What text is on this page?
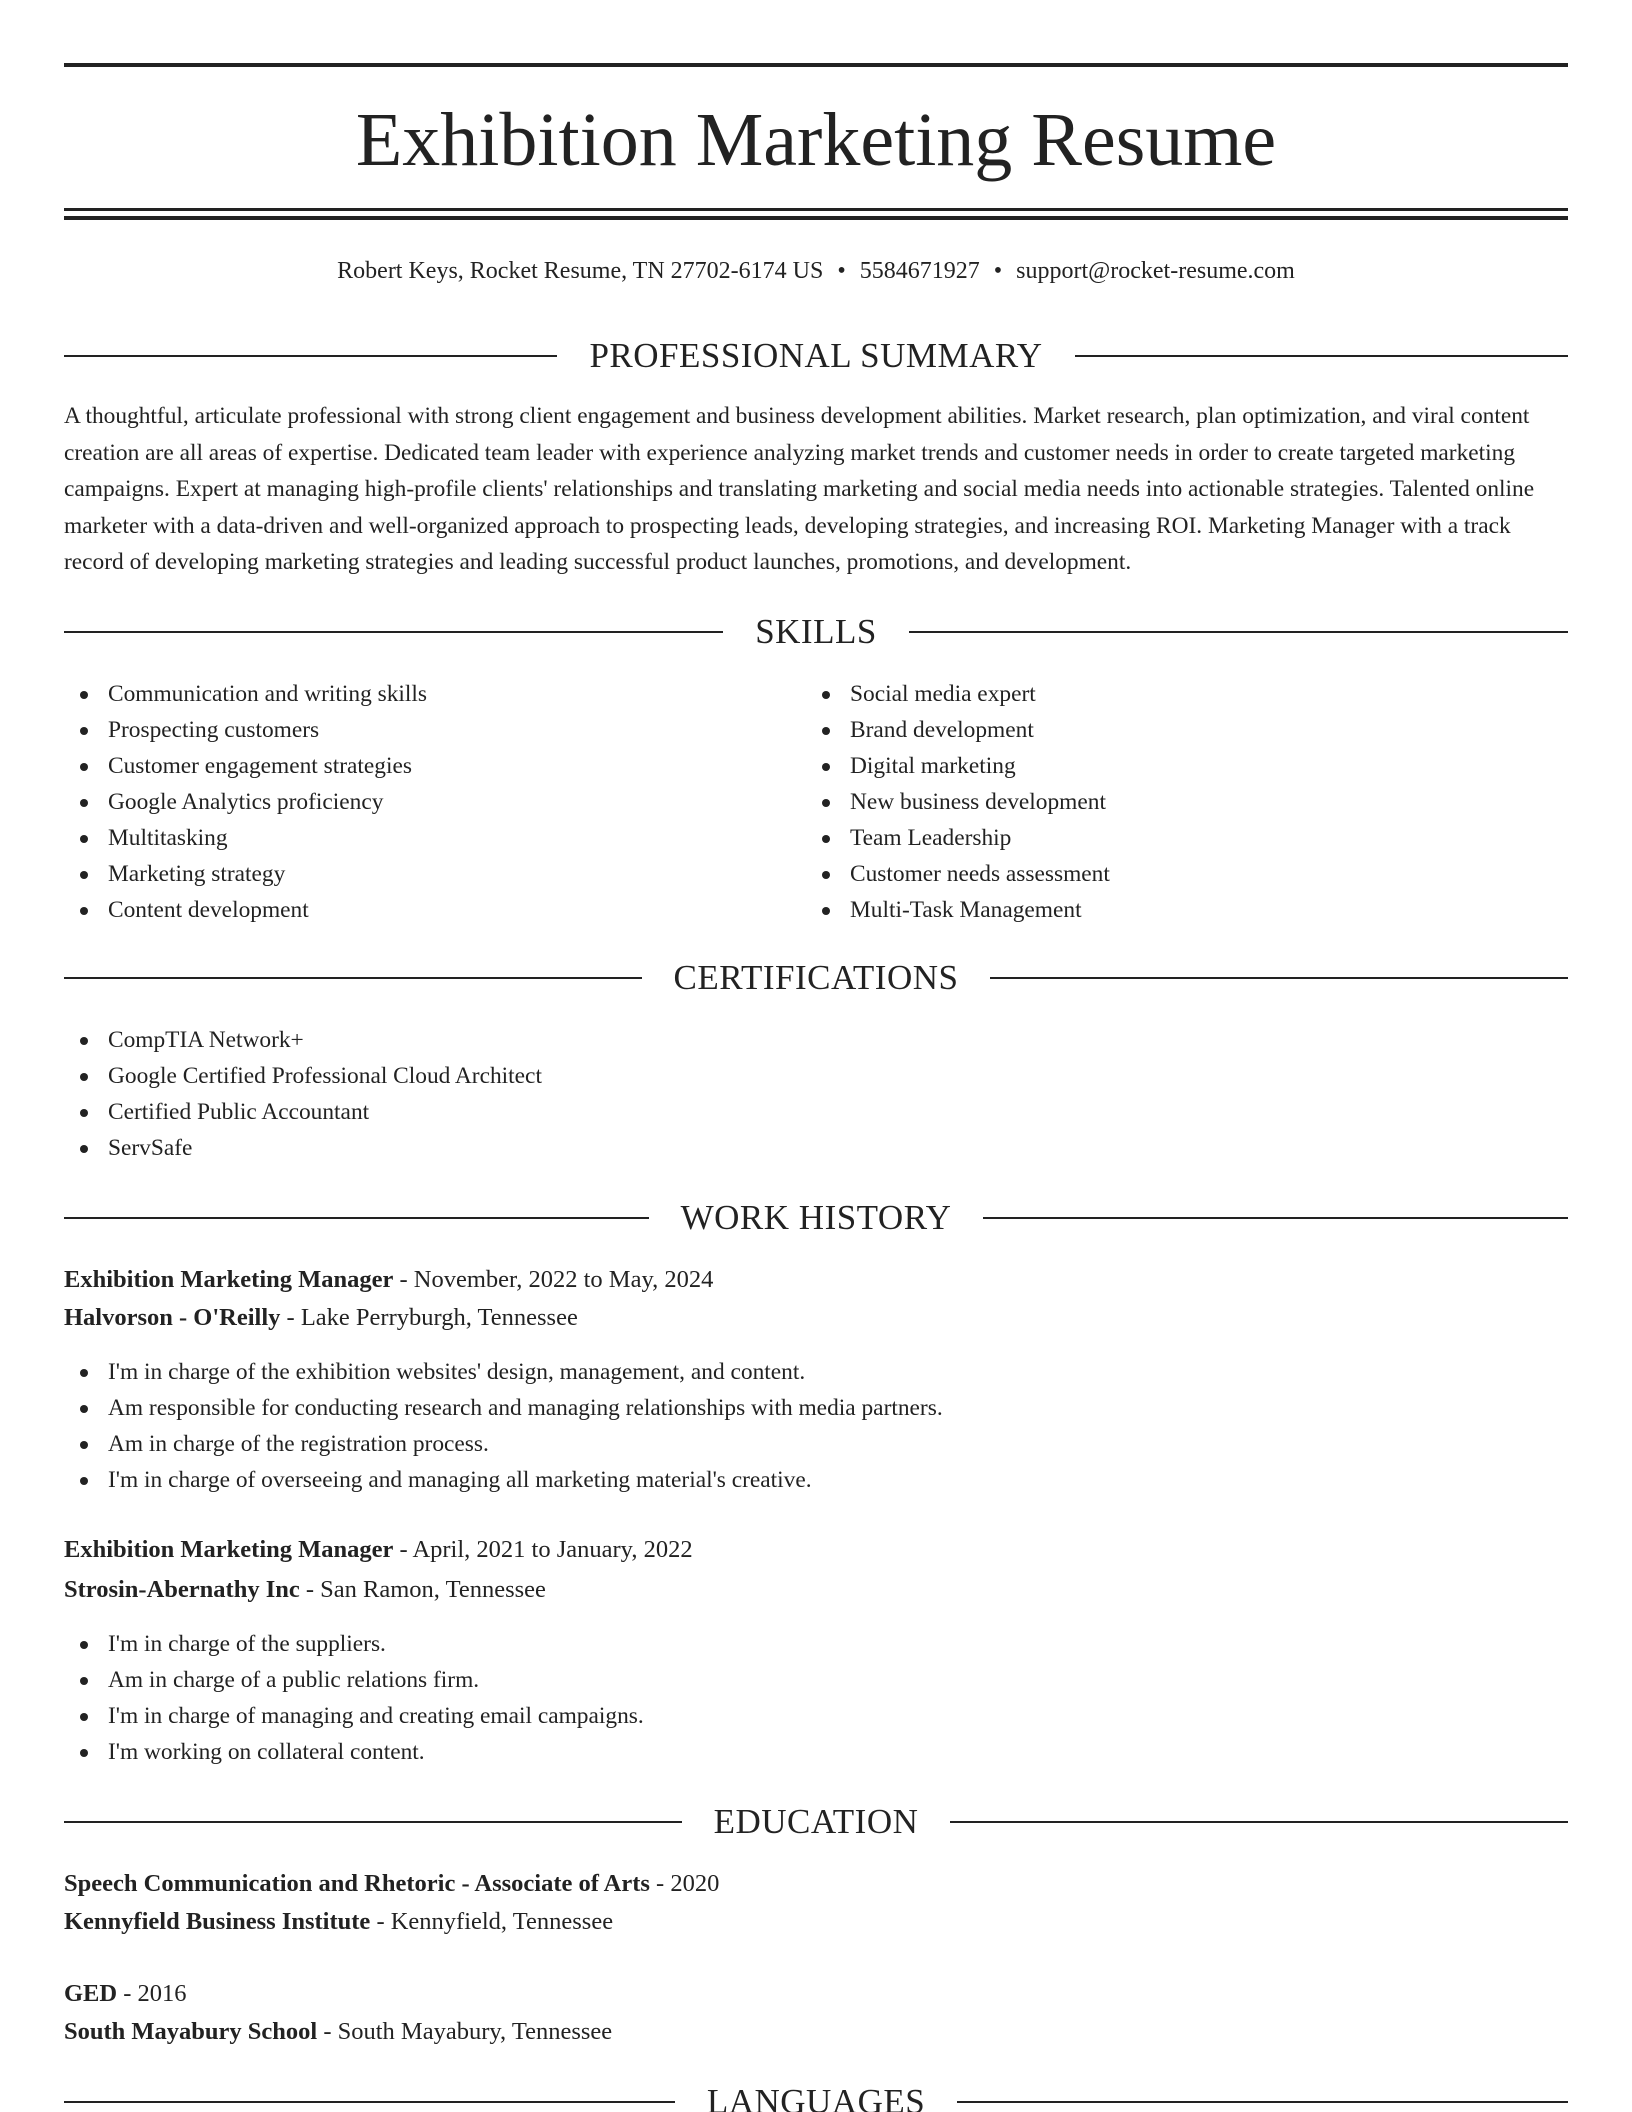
Exhibition Marketing Resume
Robert Keys, Rocket Resume, TN 27702-6174 US • 5584671927 • support@rocket-resume.com
PROFESSIONAL SUMMARY

A thoughtful, articulate professional with strong client engagement and business development abilities. Market research, plan optimization, and viral content creation are all areas of expertise. Dedicated team leader with experience analyzing market trends and customer needs in order to create targeted marketing campaigns. Expert at managing high-profile clients' relationships and translating marketing and social media needs into actionable strategies. Talented online marketer with a data-driven and well-organized approach to prospecting leads, developing strategies, and increasing ROI. Marketing Manager with a track record of developing marketing strategies and leading successful product launches, promotions, and development.

SKILLS
Communication and writing skills
Prospecting customers
Customer engagement strategies
Google Analytics proficiency
Multitasking
Marketing strategy
Content development
Social media expert
Brand development
Digital marketing
New business development
Team Leadership
Customer needs assessment
Multi-Task Management
CERTIFICATIONS
CompTIA Network+
Google Certified Professional Cloud Architect
Certified Public Accountant
ServSafe
WORK HISTORY
Exhibition Marketing Manager - November, 2022 to May, 2024
Halvorson - O'Reilly - Lake Perryburgh, Tennessee
I'm in charge of the exhibition websites' design, management, and content.
Am responsible for conducting research and managing relationships with media partners.
Am in charge of the registration process.
I'm in charge of overseeing and managing all marketing material's creative.
Exhibition Marketing Manager - April, 2021 to January, 2022
Strosin-Abernathy Inc - San Ramon, Tennessee
I'm in charge of the suppliers.
Am in charge of a public relations firm.
I'm in charge of managing and creating email campaigns.
I'm working on collateral content.
EDUCATION
Speech Communication and Rhetoric - Associate of Arts - 2020
Kennyfield Business Institute - Kennyfield, Tennessee
GED - 2016
South Mayabury School - South Mayabury, Tennessee
LANGUAGES
